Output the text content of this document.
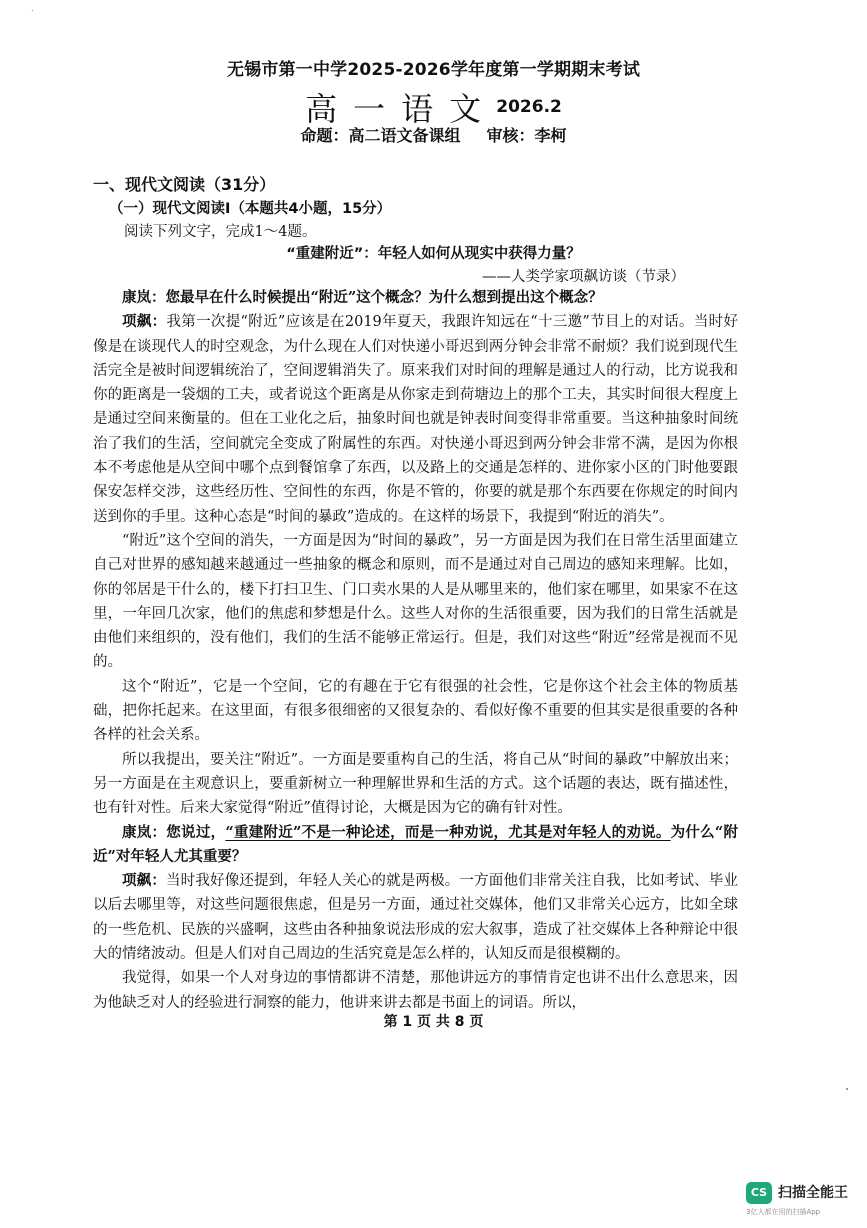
˙
无锡市第一中学2025-2026学年度第一学期期末考试
高一语文 2026.2
命题：高二语文备课组 审核：李柯
一、现代文阅读（31分）
（一）现代文阅读Ⅰ（本题共4小题，15分）
阅读下列文字，完成1～4题。
“重建附近”：年轻人如何从现实中获得力量？
——人类学家项飙访谈（节录）

康岚：您最早在什么时候提出“附近”这个概念？为什么想到提出这个概念？

项飙：我第一次提“附近”应该是在2019年夏天，我跟许知远在“十三邀”节目上的对话。当时好像是在谈现代人的时空观念，为什么现在人们对快递小哥迟到两分钟会非常不耐烦？我们说到现代生活完全是被时间逻辑统治了，空间逻辑消失了。原来我们对时间的理解是通过人的行动，比方说我和你的距离是一袋烟的工夫，或者说这个距离是从你家走到荷塘边上的那个工夫，其实时间很大程度上是通过空间来衡量的。但在工业化之后，抽象时间也就是钟表时间变得非常重要。当这种抽象时间统治了我们的生活，空间就完全变成了附属性的东西。对快递小哥迟到两分钟会非常不满，是因为你根本不考虑他是从空间中哪个点到餐馆拿了东西，以及路上的交通是怎样的、进你家小区的门时他要跟保安怎样交涉，这些经历性、空间性的东西，你是不管的，你要的就是那个东西要在你规定的时间内送到你的手里。这种心态是“时间的暴政”造成的。在这样的场景下，我提到“附近的消失”。

“附近”这个空间的消失，一方面是因为“时间的暴政”，另一方面是因为我们在日常生活里面建立自己对世界的感知越来越通过一些抽象的概念和原则，而不是通过对自己周边的感知来理解。比如，你的邻居是干什么的，楼下打扫卫生、门口卖水果的人是从哪里来的，他们家在哪里，如果家不在这里，一年回几次家，他们的焦虑和梦想是什么。这些人对你的生活很重要，因为我们的日常生活就是由他们来组织的，没有他们，我们的生活不能够正常运行。但是，我们对这些“附近”经常是视而不见的。

这个“附近”，它是一个空间，它的有趣在于它有很强的社会性，它是你这个社会主体的物质基础，把你托起来。在这里面，有很多很细密的又很复杂的、看似好像不重要的但其实是很重要的各种各样的社会关系。

所以我提出，要关注“附近”。一方面是要重构自己的生活，将自己从“时间的暴政”中解放出来；另一方面是在主观意识上，要重新树立一种理解世界和生活的方式。这个话题的表达，既有描述性，也有针对性。后来大家觉得“附近”值得讨论，大概是因为它的确有针对性。

康岚：您说过，“重建附近”不是一种论述，而是一种劝说，尤其是对年轻人的劝说。为什么“附近”对年轻人尤其重要？

项飙：当时我好像还提到，年轻人关心的就是两极。一方面他们非常关注自我，比如考试、毕业以后去哪里等，对这些问题很焦虑，但是另一方面，通过社交媒体，他们又非常关心远方，比如全球的一些危机、民族的兴盛啊，这些由各种抽象说法形成的宏大叙事，造成了社交媒体上各种辩论中很大的情绪波动。但是人们对自己周边的生活究竟是怎么样的，认知反而是很模糊的。

我觉得，如果一个人对身边的事情都讲不清楚，那他讲远方的事情肯定也讲不出什么意思来，因为他缺乏对人的经验进行洞察的能力，他讲来讲去都是书面上的词语。所以，

第 1 页 共 8 页
CS 扫描全能王
3亿人都在用的扫描App
